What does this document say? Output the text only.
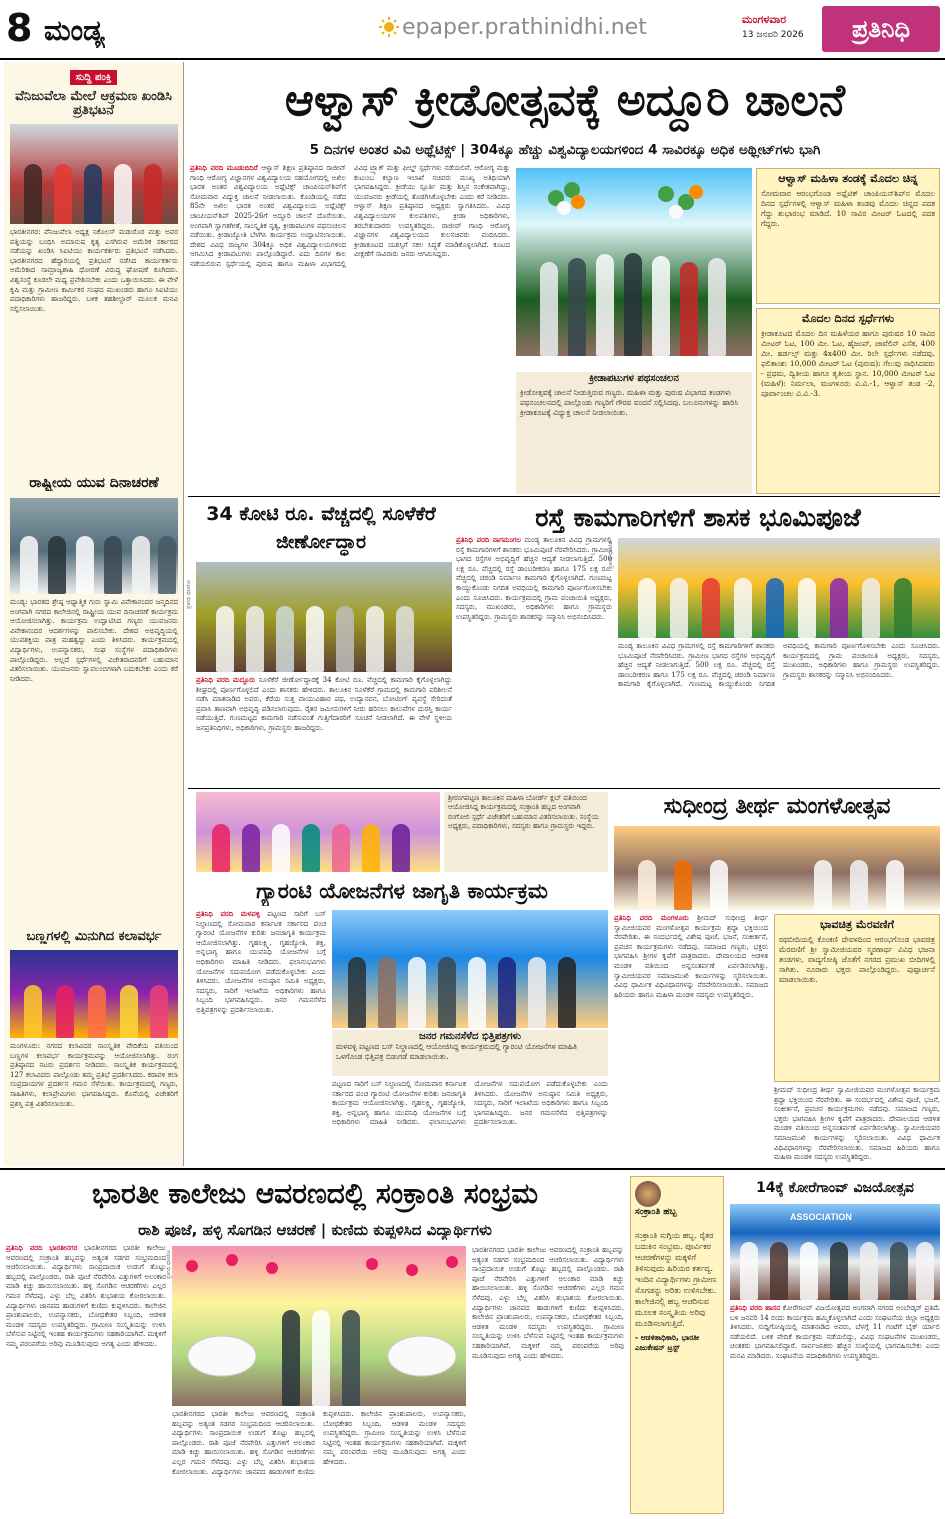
8 ಮಂಡ್ಯ	epaper.prathinidhi.net	ಮಂಗಳವಾರ
13 ಜನವರಿ 2026	ಪ್ರತಿನಿಧಿ
ಸುದ್ದಿ ಪಂಕ್ತಿ
ವೆನಿಜುವೆಲಾ ಮೇಲೆ ಆಕ್ರಮಣ ಖಂಡಿಸಿ ಪ್ರತಿಭಟನೆ
ಭಾರತೀನಗರ: ವೆನಿಜುವೆಲಾ ಅಧ್ಯಕ್ಷ ನಿಕೊಲಸ್ ಮಡುರೊರ ಮತ್ತು ಅವರ ಪತ್ನಿಯನ್ನು ಬಂಧಿಸಿ ಅಮಾನುಷ ಕೃತ್ಯ ಎಸಗಿರುವ ಅಮೆರಿಕ ಸರ್ಕಾರದ ನಡೆಯನ್ನು ಖಂಡಿಸಿ ಸಿಐಟಿಯು ಕಾರ್ಯಕರ್ತರು ಪ್ರತಿಭಟನೆ ನಡೆಸಿದರು. ಭಾರತೀನಗರದ ಹೆದ್ದಾರಿಯಲ್ಲಿ ಪ್ರತಿಭಟನೆ ನಡೆಸಿದ ಕಾರ್ಯಕರ್ತರು ಅಮೆರಿಕಾದ ಸಾಮ್ರಾಜ್ಯಶಾಹಿ ಧೋರಣೆ ವಿರುದ್ಧ ಘೋಷಣೆ ಕೂಗಿದರು. ವಿಶ್ವಸಂಸ್ಥೆ ಕೂಡಲೇ ಮಧ್ಯ ಪ್ರವೇಶಿಸಬೇಕು ಎಂದು ಒತ್ತಾಯಿಸಿದರು. ಈ ವೇಳೆ ಕೃಷಿ ಮತ್ತು ಗ್ರಾಮೀಣ ಕಾರ್ಮಿಕರ ಸಂಘದ ಮುಖಂಡರು ಹಾಗೂ ಸಿಐಟಿಯು ಪದಾಧಿಕಾರಿಗಳು ಹಾಜರಿದ್ದರು. ಬಳಿಕ ತಹಶೀಲ್ದಾರ್ ಮೂಲಕ ಮನವಿ ಸಲ್ಲಿಸಲಾಯಿತು.
ರಾಷ್ಟ್ರೀಯ ಯುವ ದಿನಾಚರಣೆ
ಮಂಡ್ಯ: ಭಾರತದ ಶ್ರೇಷ್ಠ ಆಧ್ಯಾತ್ಮಿಕ ಗುರು ಸ್ವಾಮಿ ವಿವೇಕಾನಂದರ ಜನ್ಮದಿನದ ಅಂಗವಾಗಿ ನಗರದ ಕಾಲೇಜಿನಲ್ಲಿ ರಾಷ್ಟ್ರೀಯ ಯುವ ದಿನಾಚರಣೆ ಕಾರ್ಯಕ್ರಮ ಆಯೋಜಿಸಲಾಗಿತ್ತು. ಕಾರ್ಯಕ್ರಮ ಉದ್ಘಾಟಿಸಿದ ಗಣ್ಯರು ಯುವಜನರು ವಿವೇಕಾನಂದರ ಆದರ್ಶಗಳನ್ನು ಪಾಲಿಸಬೇಕು. ದೇಶದ ಅಭಿವೃದ್ಧಿಯಲ್ಲಿ ಯುವಶಕ್ತಿಯ ಪಾತ್ರ ಮಹತ್ವದ್ದು ಎಂದು ತಿಳಿಸಿದರು. ಕಾರ್ಯಕ್ರಮದಲ್ಲಿ ವಿದ್ಯಾರ್ಥಿಗಳು, ಉಪನ್ಯಾಸಕರು, ಸಂಘ ಸಂಸ್ಥೆಗಳ ಪದಾಧಿಕಾರಿಗಳು ಪಾಲ್ಗೊಂಡಿದ್ದರು. ಅಲ್ಲದೆ ಸ್ಪರ್ಧೆಗಳಲ್ಲಿ ವಿಜೇತರಾದವರಿಗೆ ಬಹುಮಾನ ವಿತರಿಸಲಾಯಿತು. ಯುವಜನರು ಸ್ವಾವಲಂಬಿಗಳಾಗಿ ಬದುಕಬೇಕು ಎಂದು ಕರೆ ನೀಡಿದರು.
ಬಣ್ಣಗಳಲ್ಲಿ ಮಿನುಗಿದ ಕಲಾವರ್ಭ
ಮಂಗಳೂರು: ನಗರದ ಕಲಾವಿದರ ಸಾಂಸ್ಕೃತಿಕ ವೇದಿಕೆಯ ವತಿಯಿಂದ ಬಣ್ಣಗಳ ಕಲಾವರ್ಭ ಕಾರ್ಯಕ್ರಮವನ್ನು ಆಯೋಜಿಸಲಾಗಿತ್ತು. ರಂಗ ಪ್ರತಿಷ್ಠಾನದ ನಟರು ಪ್ರದರ್ಶನ ನೀಡಿದರು. ಸಾಂಸ್ಕೃತಿಕ ಕಾರ್ಯಕ್ರಮದಲ್ಲಿ 127 ಕಲಾವಿದರು ಪಾಲ್ಗೊಂಡು ತಮ್ಮ ಪ್ರತಿಭೆ ಪ್ರದರ್ಶಿಸಿದರು. ಕರಾವಳಿ ಕಲಾ ಸಂಪ್ರದಾಯಗಳ ಪ್ರದರ್ಶನ ಗಮನ ಸೆಳೆಯಿತು. ಕಾರ್ಯಕ್ರಮದಲ್ಲಿ ಗಣ್ಯರು, ಸಾಹಿತಿಗಳು, ಕಲಾಪ್ರೇಮಿಗಳು ಭಾಗವಹಿಸಿದ್ದರು. ಕೊನೆಯಲ್ಲಿ ವಿಜೇತರಿಗೆ ಪ್ರಶಸ್ತಿ ಪತ್ರ ವಿತರಿಸಲಾಯಿತು.
ಆಳ್ವಾಸ್ ಕ್ರೀಡೋತ್ಸವಕ್ಕೆ ಅದ್ದೂರಿ ಚಾಲನೆ
5 ದಿನಗಳ ಅಂತರ ವಿವಿ ಅಥ್ಲೆಟಿಕ್ಸ್ | 304ಕ್ಕೂ ಹೆಚ್ಚು ವಿಶ್ವವಿದ್ಯಾಲಯಗಳಿಂದ 4 ಸಾವಿರಕ್ಕೂ ಅಧಿಕ ಅಥ್ಲೀಟ್‌ಗಳು ಭಾಗಿ
ಪ್ರತಿನಿಧಿ ವರದಿ ಮೂಡುಬಿದಿರೆ ಆಳ್ವಾಸ್ ಶಿಕ್ಷಣ ಪ್ರತಿಷ್ಠಾನದ ರಾಜೀವ್ ಗಾಂಧಿ ಆರೋಗ್ಯ ವಿಜ್ಞಾನಗಳ ವಿಶ್ವವಿದ್ಯಾಲಯ ಸಹಯೋಗದಲ್ಲಿ ಅಖಿಲ ಭಾರತ ಅಂತರ ವಿಶ್ವವಿದ್ಯಾಲಯ ಅಥ್ಲೆಟಿಕ್ಸ್ ಚಾಂಪಿಯನ್‌ಶಿಪ್‌ಗೆ ಸೋಮವಾರ ವಿದ್ಯುಕ್ತ ಚಾಲನೆ ನೀಡಲಾಯಿತು. ಕೊಂಡಿಯಲ್ಲಿ ನಡೆದ 85ನೇ ಅಖಿಲ ಭಾರತ ಅಂತರ ವಿಶ್ವವಿದ್ಯಾಲಯ ಅಥ್ಲೆಟಿಕ್ಸ್ ಚಾಂಪಿಯನ್‌ಶಿಪ್ 2025-26ಗೆ ಅದ್ದೂರಿ ಚಾಲನೆ ದೊರೆಯಿತು. ಅಂಗವಾಗಿ ಸ್ವಾಗತಗೀತೆ, ಸಾಂಸ್ಕೃತಿಕ ನೃತ್ಯ, ಕ್ರೀಡಾಪಟುಗಳ ಪಥಸಂಚಲನ ನಡೆಯಿತು. ಕ್ರೀಡಾಜ್ಯೋತಿ ಬೆಳಗಿಸಿ ಕಾರ್ಯಕ್ರಮ ಉದ್ಘಾಟಿಸಲಾಯಿತು. ದೇಶದ ವಿವಿಧ ರಾಜ್ಯಗಳ 304ಕ್ಕೂ ಅಧಿಕ ವಿಶ್ವವಿದ್ಯಾಲಯಗಳಿಂದ ಆಗಮಿಸಿದ ಕ್ರೀಡಾಪಟುಗಳು ಪಾಲ್ಗೊಂಡಿದ್ದಾರೆ. ಐದು ದಿನಗಳ ಕಾಲ ನಡೆಯಲಿರುವ ಸ್ಪರ್ಧೆಯಲ್ಲಿ ಪುರುಷ ಹಾಗೂ ಮಹಿಳಾ ವಿಭಾಗದಲ್ಲಿ ವಿವಿಧ ಟ್ರ್ಯಾಕ್ ಮತ್ತು ಫೀಲ್ಡ್ ಸ್ಪರ್ಧೆಗಳು ನಡೆಯಲಿವೆ. ಆರೋಗ್ಯ ಮತ್ತು ಕುಟುಂಬ ಕಲ್ಯಾಣ ಇಲಾಖೆ ಸಚಿವರು ಮುಖ್ಯ ಅತಿಥಿಯಾಗಿ ಭಾಗವಹಿಸಿದ್ದರು. ಕ್ರೀಡೆಯು ಸ್ಪೂರ್ತಿ ಮತ್ತು ಶಿಸ್ತಿನ ಸಂಕೇತವಾಗಿದ್ದು, ಯುವಜನರು ಕ್ರೀಡೆಯಲ್ಲಿ ತೊಡಗಿಸಿಕೊಳ್ಳಬೇಕು ಎಂದು ಕರೆ ನೀಡಿದರು. ಆಳ್ವಾಸ್ ಶಿಕ್ಷಣ ಪ್ರತಿಷ್ಠಾನದ ಅಧ್ಯಕ್ಷರು ಸ್ವಾಗತಿಸಿದರು. ವಿವಿಧ ವಿಶ್ವವಿದ್ಯಾಲಯಗಳ ಕುಲಪತಿಗಳು, ಕ್ರೀಡಾ ಅಧಿಕಾರಿಗಳು, ತರಬೇತುದಾರರು ಉಪಸ್ಥಿತರಿದ್ದರು. ರಾಜೀವ್ ಗಾಂಧಿ ಆರೋಗ್ಯ ವಿಜ್ಞಾನಗಳ ವಿಶ್ವವಿದ್ಯಾಲಯದ ಕುಲಸಚಿವರು ವಂದಿಸಿದರು. ಕ್ರೀಡಾಕೂಟದ ಯಶಸ್ಸಿಗೆ ಸಕಲ ಸಿದ್ಧತೆ ಮಾಡಿಕೊಳ್ಳಲಾಗಿದೆ. ಕೂಟದ ವೀಕ್ಷಣೆಗೆ ಸಾವಿರಾರು ಜನರು ಆಗಮಿಸಿದ್ದರು.
ಕ್ರೀಡಾಪಟುಗಳ ಪಥಸಂಚಲನ
ಕ್ರೀಡೋತ್ಸವಕ್ಕೆ ಚಾಲನೆ ನೀಡುತ್ತಿರುವ ಗಣ್ಯರು. ಮಹಿಳಾ ಮತ್ತು ಪುರುಷ ವಿಭಾಗದ ತಂಡಗಳು ಪಥಸಂಚಲನದಲ್ಲಿ ಪಾಲ್ಗೊಂಡು ಗಣ್ಯರಿಗೆ ಗೌರವ ವಂದನೆ ಸಲ್ಲಿಸಿದವು. ಬಲೂನುಗಳನ್ನು ಹಾರಿಸಿ ಕ್ರೀಡಾಕೂಟಕ್ಕೆ ವಿಧ್ಯುಕ್ತ ಚಾಲನೆ ನೀಡಲಾಯಿತು.
ಆಳ್ವಾಸ್ ಮಹಿಳಾ ತಂಡಕ್ಕೆ ಮೊದಲ ಚಿನ್ನ
ಸೋಮವಾರ ಆರಂಭಗೊಂಡ ಅಥ್ಲೆಟಿಕ್ ಚಾಂಪಿಯನ್‌ಶಿಪ್‌ನ ಮೊದಲ ದಿನದ ಸ್ಪರ್ಧೆಗಳಲ್ಲಿ ಆಳ್ವಾಸ್ ಮಹಿಳಾ ತಂಡವು ಮೊದಲ ಚಿನ್ನದ ಪದಕ ಗೆದ್ದು ಶುಭಾರಂಭ ಮಾಡಿದೆ. 10 ಸಾವಿರ ಮೀಟರ್ ಓಟದಲ್ಲಿ ಪದಕ ಗೆದ್ದರು.
ಮೊದಲ ದಿನದ ಸ್ಪರ್ಧೆಗಳು
ಕ್ರೀಡಾಕೂಟದ ಮೊದಲ ದಿನ ಮಹಿಳೆಯರ ಹಾಗೂ ಪುರುಷರ 10 ಸಾವಿರ ಮೀಟರ್ ಓಟ, 100 ಮೀ. ಓಟ, ಹೈಜಂಪ್, ಜಾವೆಲಿನ್ ಎಸೆತ, 400 ಮೀ. ಹರ್ಡಲ್ಸ್ ಮತ್ತು 4x400 ಮೀ. ರಿಲೇ ಸ್ಪರ್ಧೆಗಳು ನಡೆದವು. ಫಲಿತಾಂಶ: 10,000 ಮೀಟರ್ ಓಟ (ಪುರುಷ): ಗೆಲುವು ಸಾಧಿಸಿದವರು - ಪ್ರಥಮ, ದ್ವಿತೀಯ ಹಾಗೂ ತೃತೀಯ ಸ್ಥಾನ. 10,000 ಮೀಟರ್ ಓಟ (ಮಹಿಳೆ): ನಿರ್ಮಲಾ, ಮಂಗಳೂರು ವಿ.ವಿ.-1, ಆಳ್ವಾಸ್ ತಂಡ -2, ಪೂರ್ವಾಂಚಲ ವಿ.ವಿ.-3.
34 ಕೋಟಿ ರೂ. ವೆಚ್ಚದಲ್ಲಿ ಸೂಳೆಕೆರೆ ಜೀರ್ಣೋದ್ಧಾರ
ಪ್ರತಿನಿಧಿ ವರದಿ ಮದ್ದೂರು ಸೂಳೆಕೆರೆ ಜೀರ್ಣೋದ್ಧಾರಕ್ಕೆ 34 ಕೋಟಿ ರೂ. ವೆಚ್ಚದಲ್ಲಿ ಕಾಮಗಾರಿ ಕೈಗೊಳ್ಳಲಾಗಿದ್ದು ಶೀಘ್ರದಲ್ಲಿ ಪೂರ್ಣಗೊಳ್ಳಲಿದೆ ಎಂದು ಶಾಸಕರು ಹೇಳಿದರು. ತಾಲೂಕಿನ ಸೂಳೆಕೆರೆ ಗ್ರಾಮದಲ್ಲಿ ಕಾಮಗಾರಿ ಪರಿಶೀಲನೆ ನಡೆಸಿ ಮಾತನಾಡಿದ ಅವರು, ಕೆರೆಯ ಸುತ್ತ ವಾಯುವಿಹಾರ ಪಥ, ಉದ್ಯಾನವನ, ಬೋಟಿಂಗ್ ವ್ಯವಸ್ಥೆ ಸೇರಿದಂತೆ ಪ್ರವಾಸಿ ತಾಣವಾಗಿ ಅಭಿವೃದ್ಧಿ ಪಡಿಸಲಾಗುವುದು. ರೈತರ ಜಮೀನುಗಳಿಗೆ ನೀರು ಹರಿಸಲು ಕಾಲುವೆಗಳ ದುರಸ್ತಿ ಕಾರ್ಯ ನಡೆಯುತ್ತಿದೆ. ಗುಣಮಟ್ಟದ ಕಾಮಗಾರಿ ನಡೆಸುವಂತೆ ಗುತ್ತಿಗೆದಾರರಿಗೆ ಸೂಚನೆ ನೀಡಲಾಗಿದೆ. ಈ ವೇಳೆ ಸ್ಥಳೀಯ ಜನಪ್ರತಿನಿಧಿಗಳು, ಅಧಿಕಾರಿಗಳು, ಗ್ರಾಮಸ್ಥರು ಹಾಜರಿದ್ದರು.
ರಸ್ತೆ ಕಾಮಗಾರಿಗಳಿಗೆ ಶಾಸಕ ಭೂಮಿಪೂಜೆ
ಪ್ರತಿನಿಧಿ ವರದಿ ನಾಗಮಂಗಲ ಮಂಡ್ಯ ತಾಲೂಕಿನ ವಿವಿಧ ಗ್ರಾಮಗಳಲ್ಲಿ ರಸ್ತೆ ಕಾಮಗಾರಿಗಳಿಗೆ ಶಾಸಕರು ಭೂಮಿಪೂಜೆ ನೆರವೇರಿಸಿದರು. ಗ್ರಾಮೀಣ ಭಾಗದ ರಸ್ತೆಗಳ ಅಭಿವೃದ್ಧಿಗೆ ಹೆಚ್ಚಿನ ಆದ್ಯತೆ ನೀಡಲಾಗುತ್ತಿದೆ. 500 ಲಕ್ಷ ರೂ. ವೆಚ್ಚದಲ್ಲಿ ರಸ್ತೆ ಡಾಂಬರೀಕರಣ ಹಾಗೂ 175 ಲಕ್ಷ ರೂ. ವೆಚ್ಚದಲ್ಲಿ ಚರಂಡಿ ನಿರ್ಮಾಣ ಕಾಮಗಾರಿ ಕೈಗೊಳ್ಳಲಾಗಿದೆ. ಗುಣಮಟ್ಟ ಕಾಯ್ದುಕೊಂಡು ನಿಗದಿತ ಅವಧಿಯಲ್ಲಿ ಕಾಮಗಾರಿ ಪೂರ್ಣಗೊಳಿಸಬೇಕು ಎಂದು ಸೂಚಿಸಿದರು. ಕಾರ್ಯಕ್ರಮದಲ್ಲಿ ಗ್ರಾಮ ಪಂಚಾಯಿತಿ ಅಧ್ಯಕ್ಷರು, ಸದಸ್ಯರು, ಮುಖಂಡರು, ಅಧಿಕಾರಿಗಳು ಹಾಗೂ ಗ್ರಾಮಸ್ಥರು ಉಪಸ್ಥಿತರಿದ್ದರು. ಗ್ರಾಮಸ್ಥರು ಶಾಸಕರನ್ನು ಸನ್ಮಾನಿಸಿ ಅಭಿನಂದಿಸಿದರು.
ಮಂಡ್ಯ ತಾಲೂಕಿನ ವಿವಿಧ ಗ್ರಾಮಗಳಲ್ಲಿ ರಸ್ತೆ ಕಾಮಗಾರಿಗಳಿಗೆ ಶಾಸಕರು ಭೂಮಿಪೂಜೆ ನೆರವೇರಿಸಿದರು. ಗ್ರಾಮೀಣ ಭಾಗದ ರಸ್ತೆಗಳ ಅಭಿವೃದ್ಧಿಗೆ ಹೆಚ್ಚಿನ ಆದ್ಯತೆ ನೀಡಲಾಗುತ್ತಿದೆ. 500 ಲಕ್ಷ ರೂ. ವೆಚ್ಚದಲ್ಲಿ ರಸ್ತೆ ಡಾಂಬರೀಕರಣ ಹಾಗೂ 175 ಲಕ್ಷ ರೂ. ವೆಚ್ಚದಲ್ಲಿ ಚರಂಡಿ ನಿರ್ಮಾಣ ಕಾಮಗಾರಿ ಕೈಗೊಳ್ಳಲಾಗಿದೆ. ಗುಣಮಟ್ಟ ಕಾಯ್ದುಕೊಂಡು ನಿಗದಿತ ಅವಧಿಯಲ್ಲಿ ಕಾಮಗಾರಿ ಪೂರ್ಣಗೊಳಿಸಬೇಕು ಎಂದು ಸೂಚಿಸಿದರು. ಕಾರ್ಯಕ್ರಮದಲ್ಲಿ ಗ್ರಾಮ ಪಂಚಾಯಿತಿ ಅಧ್ಯಕ್ಷರು, ಸದಸ್ಯರು, ಮುಖಂಡರು, ಅಧಿಕಾರಿಗಳು ಹಾಗೂ ಗ್ರಾಮಸ್ಥರು ಉಪಸ್ಥಿತರಿದ್ದರು. ಗ್ರಾಮಸ್ಥರು ಶಾಸಕರನ್ನು ಸನ್ಮಾನಿಸಿ ಅಭಿನಂದಿಸಿದರು.
ಶ್ರೀರಂಗಪಟ್ಟಣ ತಾಲೂಕಿನ ಮಹಿಳಾ ಬೋರ್ಡ್ ಕ್ಲಬ್ ವತಿಯಿಂದ ಆಯೋಜಿಸಿದ್ದ ಕಾರ್ಯಕ್ರಮದಲ್ಲಿ ಸಂಕ್ರಾಂತಿ ಹಬ್ಬದ ಅಂಗವಾಗಿ ರಂಗೋಲಿ ಸ್ಪರ್ಧೆ ವಿಜೇತರಿಗೆ ಬಹುಮಾನ ವಿತರಿಸಲಾಯಿತು. ಸಂಸ್ಥೆಯ ಅಧ್ಯಕ್ಷರು, ಪದಾಧಿಕಾರಿಗಳು, ಸದಸ್ಯರು ಹಾಗೂ ಗ್ರಾಮಸ್ಥರು ಇದ್ದರು.
ಸುಧೀಂದ್ರ ತೀರ್ಥ ಮಂಗಳೋತ್ಸವ
ಪ್ರತಿನಿಧಿ ವರದಿ ಮಂಗಳೂರು ಶ್ರೀಮದ್ ಸುಧೀಂದ್ರ ತೀರ್ಥ ಸ್ವಾಮೀಜಿಯವರ ಮಂಗಳೋತ್ಸವ ಕಾರ್ಯಕ್ರಮ ಶ್ರದ್ಧಾ ಭಕ್ತಿಯಿಂದ ನೆರವೇರಿತು. ಈ ಸಂದರ್ಭದಲ್ಲಿ ವಿಶೇಷ ಪೂಜೆ, ಭಜನೆ, ಸಂಕೀರ್ತನೆ, ಪ್ರವಚನ ಕಾರ್ಯಕ್ರಮಗಳು ನಡೆದವು. ಸಮಾಜದ ಗಣ್ಯರು, ಭಕ್ತರು ಭಾಗವಹಿಸಿ ಶ್ರೀಗಳ ಕೃಪೆಗೆ ಪಾತ್ರರಾದರು. ದೇವಾಲಯದ ಆಡಳಿತ ಮಂಡಳಿ ವತಿಯಿಂದ ಅನ್ನಸಂತರ್ಪಣೆ ಏರ್ಪಡಿಸಲಾಗಿತ್ತು. ಸ್ವಾಮೀಜಿಯವರ ಸಮಾಜಮುಖಿ ಕಾರ್ಯಗಳನ್ನು ಸ್ಮರಿಸಲಾಯಿತು. ವಿವಿಧ ಧಾರ್ಮಿಕ ವಿಧಿವಿಧಾನಗಳನ್ನು ನೆರವೇರಿಸಲಾಯಿತು. ಸಮಾಜದ ಹಿರಿಯರು ಹಾಗೂ ಮಹಿಳಾ ಮಂಡಳಿ ಸದಸ್ಯರು ಉಪಸ್ಥಿತರಿದ್ದರು.
ಭಾವಚಿತ್ರ ಮೆರವಣಿಗೆ
ರಥಬೀದಿಯಲ್ಲಿ ಕೊಂಕಣಿ ದೇವಳದಿಂದ ಆರಂಭಗೊಂಡ ಭಾವಚಿತ್ರ ಮೆರವಣಿಗೆ ಶ್ರೀ ಸ್ವಾಮೀಜಿಯವರ ಸ್ಮರಣಾರ್ಥ ವಿವಿಧ ಭಜನಾ ತಂಡಗಳು, ವಾದ್ಯಗೋಷ್ಠಿ ಜೊತೆಗೆ ನಗರದ ಪ್ರಮುಖ ಬೀದಿಗಳಲ್ಲಿ ಸಾಗಿತು. ನೂರಾರು ಭಕ್ತರು ಪಾಲ್ಗೊಂಡಿದ್ದರು. ಪುಷ್ಪಾರ್ಚನೆ ಮಾಡಲಾಯಿತು.
ಶ್ರೀಮದ್ ಸುಧೀಂದ್ರ ತೀರ್ಥ ಸ್ವಾಮೀಜಿಯವರ ಮಂಗಳೋತ್ಸವ ಕಾರ್ಯಕ್ರಮ ಶ್ರದ್ಧಾ ಭಕ್ತಿಯಿಂದ ನೆರವೇರಿತು. ಈ ಸಂದರ್ಭದಲ್ಲಿ ವಿಶೇಷ ಪೂಜೆ, ಭಜನೆ, ಸಂಕೀರ್ತನೆ, ಪ್ರವಚನ ಕಾರ್ಯಕ್ರಮಗಳು ನಡೆದವು. ಸಮಾಜದ ಗಣ್ಯರು, ಭಕ್ತರು ಭಾಗವಹಿಸಿ ಶ್ರೀಗಳ ಕೃಪೆಗೆ ಪಾತ್ರರಾದರು. ದೇವಾಲಯದ ಆಡಳಿತ ಮಂಡಳಿ ವತಿಯಿಂದ ಅನ್ನಸಂತರ್ಪಣೆ ಏರ್ಪಡಿಸಲಾಗಿತ್ತು. ಸ್ವಾಮೀಜಿಯವರ ಸಮಾಜಮುಖಿ ಕಾರ್ಯಗಳನ್ನು ಸ್ಮರಿಸಲಾಯಿತು. ವಿವಿಧ ಧಾರ್ಮಿಕ ವಿಧಿವಿಧಾನಗಳನ್ನು ನೆರವೇರಿಸಲಾಯಿತು. ಸಮಾಜದ ಹಿರಿಯರು ಹಾಗೂ ಮಹಿಳಾ ಮಂಡಳಿ ಸದಸ್ಯರು ಉಪಸ್ಥಿತರಿದ್ದರು.
ಗ್ಯಾರಂಟಿ ಯೋಜನೆಗಳ ಜಾಗೃತಿ ಕಾರ್ಯಕ್ರಮ
ಪ್ರತಿನಿಧಿ ವರದಿ ಮಳವಳ್ಳಿ ಪಟ್ಟಣದ ಸಾರಿಗೆ ಬಸ್ ನಿಲ್ದಾಣದಲ್ಲಿ ಸೋಮವಾರ ಕರ್ನಾಟಕ ಸರ್ಕಾರದ ಪಂಚ ಗ್ಯಾರಂಟಿ ಯೋಜನೆಗಳ ಕುರಿತು ಜನಜಾಗೃತಿ ಕಾರ್ಯಕ್ರಮ ಆಯೋಜಿಸಲಾಗಿತ್ತು. ಗೃಹಲಕ್ಷ್ಮಿ, ಗೃಹಜ್ಯೋತಿ, ಶಕ್ತಿ, ಅನ್ನಭಾಗ್ಯ ಹಾಗೂ ಯುವನಿಧಿ ಯೋಜನೆಗಳ ಬಗ್ಗೆ ಅಧಿಕಾರಿಗಳು ಮಾಹಿತಿ ನೀಡಿದರು. ಫಲಾನುಭವಿಗಳು ಯೋಜನೆಗಳ ಸದುಪಯೋಗ ಪಡೆದುಕೊಳ್ಳಬೇಕು ಎಂದು ತಿಳಿಸಿದರು. ಯೋಜನೆಗಳ ಅನುಷ್ಠಾನ ಸಮಿತಿ ಅಧ್ಯಕ್ಷರು, ಸದಸ್ಯರು, ಸಾರಿಗೆ ಇಲಾಖೆಯ ಅಧಿಕಾರಿಗಳು ಹಾಗೂ ಸಿಬ್ಬಂದಿ ಭಾಗವಹಿಸಿದ್ದರು. ಜನರ ಗಮನಸೆಳೆದ ಭಿತ್ತಿಪತ್ರಗಳನ್ನು ಪ್ರದರ್ಶಿಸಲಾಯಿತು.
ಜನರ ಗಮನಸೆಳೆದ ಭಿತ್ತಿಪತ್ರಗಳು
ಮಳವಳ್ಳಿ ಪಟ್ಟಣದ ಬಸ್ ನಿಲ್ದಾಣದಲ್ಲಿ ಆಯೋಜಿಸಿದ್ದ ಕಾರ್ಯಕ್ರಮದಲ್ಲಿ ಗ್ಯಾರಂಟಿ ಯೋಜನೆಗಳ ಮಾಹಿತಿ ಒಳಗೊಂಡ ಭಿತ್ತಿಪತ್ರ ಬಿಡುಗಡೆ ಮಾಡಲಾಯಿತು.
ಪಟ್ಟಣದ ಸಾರಿಗೆ ಬಸ್ ನಿಲ್ದಾಣದಲ್ಲಿ ಸೋಮವಾರ ಕರ್ನಾಟಕ ಸರ್ಕಾರದ ಪಂಚ ಗ್ಯಾರಂಟಿ ಯೋಜನೆಗಳ ಕುರಿತು ಜನಜಾಗೃತಿ ಕಾರ್ಯಕ್ರಮ ಆಯೋಜಿಸಲಾಗಿತ್ತು. ಗೃಹಲಕ್ಷ್ಮಿ, ಗೃಹಜ್ಯೋತಿ, ಶಕ್ತಿ, ಅನ್ನಭಾಗ್ಯ ಹಾಗೂ ಯುವನಿಧಿ ಯೋಜನೆಗಳ ಬಗ್ಗೆ ಅಧಿಕಾರಿಗಳು ಮಾಹಿತಿ ನೀಡಿದರು. ಫಲಾನುಭವಿಗಳು ಯೋಜನೆಗಳ ಸದುಪಯೋಗ ಪಡೆದುಕೊಳ್ಳಬೇಕು ಎಂದು ತಿಳಿಸಿದರು. ಯೋಜನೆಗಳ ಅನುಷ್ಠಾನ ಸಮಿತಿ ಅಧ್ಯಕ್ಷರು, ಸದಸ್ಯರು, ಸಾರಿಗೆ ಇಲಾಖೆಯ ಅಧಿಕಾರಿಗಳು ಹಾಗೂ ಸಿಬ್ಬಂದಿ ಭಾಗವಹಿಸಿದ್ದರು. ಜನರ ಗಮನಸೆಳೆದ ಭಿತ್ತಿಪತ್ರಗಳನ್ನು ಪ್ರದರ್ಶಿಸಲಾಯಿತು.
ಭಾರತೀ ಕಾಲೇಜು ಆವರಣದಲ್ಲಿ ಸಂಕ್ರಾಂತಿ ಸಂಭ್ರಮ
ರಾಶಿ ಪೂಜೆ, ಹಳ್ಳಿ ಸೊಗಡಿನ ಆಚರಣೆ | ಕುಣಿದು ಕುಪ್ಪಳಿಸಿದ ವಿದ್ಯಾರ್ಥಿಗಳು
ಪ್ರತಿನಿಧಿ ವರದಿ ಭಾರತೀನಗರ ಭಾರತೀನಗರದ ಭಾರತೀ ಕಾಲೇಜು ಆವರಣದಲ್ಲಿ ಸಂಕ್ರಾಂತಿ ಹಬ್ಬವನ್ನು ಅತ್ಯಂತ ಸಡಗರ ಸಂಭ್ರಮದಿಂದ ಆಚರಿಸಲಾಯಿತು. ವಿದ್ಯಾರ್ಥಿಗಳು ಸಾಂಪ್ರದಾಯಿಕ ಉಡುಗೆ ತೊಟ್ಟು ಹಬ್ಬದಲ್ಲಿ ಪಾಲ್ಗೊಂಡರು. ರಾಶಿ ಪೂಜೆ ನೆರವೇರಿಸಿ ಎತ್ತುಗಳಿಗೆ ಅಲಂಕಾರ ಮಾಡಿ ಕಿಚ್ಚು ಹಾಯಿಸಲಾಯಿತು. ಹಳ್ಳಿ ಸೊಗಡಿನ ಆಚರಣೆಗಳು ಎಲ್ಲರ ಗಮನ ಸೆಳೆದವು. ಎಳ್ಳು ಬೆಲ್ಲ ವಿತರಿಸಿ ಶುಭಾಶಯ ಕೋರಲಾಯಿತು. ವಿದ್ಯಾರ್ಥಿಗಳು ಜಾನಪದ ಹಾಡುಗಳಿಗೆ ಕುಣಿದು ಕುಪ್ಪಳಿಸಿದರು. ಕಾಲೇಜಿನ ಪ್ರಾಂಶುಪಾಲರು, ಉಪನ್ಯಾಸಕರು, ಬೋಧಕೇತರ ಸಿಬ್ಬಂದಿ, ಆಡಳಿತ ಮಂಡಳಿ ಸದಸ್ಯರು ಉಪಸ್ಥಿತರಿದ್ದರು. ಗ್ರಾಮೀಣ ಸಂಸ್ಕೃತಿಯನ್ನು ಉಳಿಸಿ ಬೆಳೆಸುವ ನಿಟ್ಟಿನಲ್ಲಿ ಇಂತಹ ಕಾರ್ಯಕ್ರಮಗಳು ಸಹಕಾರಿಯಾಗಿವೆ. ಮಕ್ಕಳಿಗೆ ನಮ್ಮ ಪರಂಪರೆಯ ಅರಿವು ಮೂಡಿಸುವುದು ಅಗತ್ಯ ಎಂದು ಹೇಳಿದರು.
ಭಾರತೀನಗರದ ಭಾರತೀ ಕಾಲೇಜು ಆವರಣದಲ್ಲಿ ಸಂಕ್ರಾಂತಿ ಹಬ್ಬವನ್ನು ಅತ್ಯಂತ ಸಡಗರ ಸಂಭ್ರಮದಿಂದ ಆಚರಿಸಲಾಯಿತು. ವಿದ್ಯಾರ್ಥಿಗಳು ಸಾಂಪ್ರದಾಯಿಕ ಉಡುಗೆ ತೊಟ್ಟು ಹಬ್ಬದಲ್ಲಿ ಪಾಲ್ಗೊಂಡರು. ರಾಶಿ ಪೂಜೆ ನೆರವೇರಿಸಿ ಎತ್ತುಗಳಿಗೆ ಅಲಂಕಾರ ಮಾಡಿ ಕಿಚ್ಚು ಹಾಯಿಸಲಾಯಿತು. ಹಳ್ಳಿ ಸೊಗಡಿನ ಆಚರಣೆಗಳು ಎಲ್ಲರ ಗಮನ ಸೆಳೆದವು. ಎಳ್ಳು ಬೆಲ್ಲ ವಿತರಿಸಿ ಶುಭಾಶಯ ಕೋರಲಾಯಿತು. ವಿದ್ಯಾರ್ಥಿಗಳು ಜಾನಪದ ಹಾಡುಗಳಿಗೆ ಕುಣಿದು ಕುಪ್ಪಳಿಸಿದರು. ಕಾಲೇಜಿನ ಪ್ರಾಂಶುಪಾಲರು, ಉಪನ್ಯಾಸಕರು, ಬೋಧಕೇತರ ಸಿಬ್ಬಂದಿ, ಆಡಳಿತ ಮಂಡಳಿ ಸದಸ್ಯರು ಉಪಸ್ಥಿತರಿದ್ದರು. ಗ್ರಾಮೀಣ ಸಂಸ್ಕೃತಿಯನ್ನು ಉಳಿಸಿ ಬೆಳೆಸುವ ನಿಟ್ಟಿನಲ್ಲಿ ಇಂತಹ ಕಾರ್ಯಕ್ರಮಗಳು ಸಹಕಾರಿಯಾಗಿವೆ. ಮಕ್ಕಳಿಗೆ ನಮ್ಮ ಪರಂಪರೆಯ ಅರಿವು ಮೂಡಿಸುವುದು ಅಗತ್ಯ ಎಂದು ಹೇಳಿದರು.
ಭಾರತೀನಗರದ ಭಾರತೀ ಕಾಲೇಜು ಆವರಣದಲ್ಲಿ ಸಂಕ್ರಾಂತಿ ಹಬ್ಬವನ್ನು ಅತ್ಯಂತ ಸಡಗರ ಸಂಭ್ರಮದಿಂದ ಆಚರಿಸಲಾಯಿತು. ವಿದ್ಯಾರ್ಥಿಗಳು ಸಾಂಪ್ರದಾಯಿಕ ಉಡುಗೆ ತೊಟ್ಟು ಹಬ್ಬದಲ್ಲಿ ಪಾಲ್ಗೊಂಡರು. ರಾಶಿ ಪೂಜೆ ನೆರವೇರಿಸಿ ಎತ್ತುಗಳಿಗೆ ಅಲಂಕಾರ ಮಾಡಿ ಕಿಚ್ಚು ಹಾಯಿಸಲಾಯಿತು. ಹಳ್ಳಿ ಸೊಗಡಿನ ಆಚರಣೆಗಳು ಎಲ್ಲರ ಗಮನ ಸೆಳೆದವು. ಎಳ್ಳು ಬೆಲ್ಲ ವಿತರಿಸಿ ಶುಭಾಶಯ ಕೋರಲಾಯಿತು. ವಿದ್ಯಾರ್ಥಿಗಳು ಜಾನಪದ ಹಾಡುಗಳಿಗೆ ಕುಣಿದು ಕುಪ್ಪಳಿಸಿದರು. ಕಾಲೇಜಿನ ಪ್ರಾಂಶುಪಾಲರು, ಉಪನ್ಯಾಸಕರು, ಬೋಧಕೇತರ ಸಿಬ್ಬಂದಿ, ಆಡಳಿತ ಮಂಡಳಿ ಸದಸ್ಯರು ಉಪಸ್ಥಿತರಿದ್ದರು. ಗ್ರಾಮೀಣ ಸಂಸ್ಕೃತಿಯನ್ನು ಉಳಿಸಿ ಬೆಳೆಸುವ ನಿಟ್ಟಿನಲ್ಲಿ ಇಂತಹ ಕಾರ್ಯಕ್ರಮಗಳು ಸಹಕಾರಿಯಾಗಿವೆ. ಮಕ್ಕಳಿಗೆ ನಮ್ಮ ಪರಂಪರೆಯ ಅರಿವು ಮೂಡಿಸುವುದು ಅಗತ್ಯ ಎಂದು ಹೇಳಿದರು.
ಸಂಕ್ರಾಂತಿ ಹಬ್ಬ
ಸಂಕ್ರಾಂತಿ ಸುಗ್ಗಿಯ ಹಬ್ಬ. ರೈತರ ಬದುಕಿನ ಸಂಭ್ರಮ. ಪೂರ್ವಿಕರ ಆಚರಣೆಗಳನ್ನು ಮಕ್ಕಳಿಗೆ ತಿಳಿಸುವುದು ಹಿರಿಯರ ಕರ್ತವ್ಯ. ಇಂದಿನ ವಿದ್ಯಾರ್ಥಿಗಳು ಗ್ರಾಮೀಣ ಸೊಗಡನ್ನು ಅರಿತು ಉಳಿಸಬೇಕು. ಕಾಲೇಜಿನಲ್ಲಿ ಹಬ್ಬ ಆಚರಿಸುವ ಮೂಲಕ ಸಂಸ್ಕೃತಿಯ ಅರಿವು ಮೂಡಿಸಲಾಗುತ್ತಿದೆ.
- ಆಡಳಿತಾಧಿಕಾರಿ, ಭಾರತೀ ಎಜುಕೇಷನ್ ಟ್ರಸ್ಟ್
14ಕ್ಕೆ ಕೋರೆಗಾಂವ್ ವಿಜಯೋತ್ಸವ
ASSOCIATION
ಪ್ರತಿನಿಧಿ ವರದಿ ಹಾಸನ ಕೋರೆಗಾಂವ್ ವಿಜಯೋತ್ಸವದ ಅಂಗವಾಗಿ ನಗರದ ಅಂಬೇಡ್ಕರ್ ಪ್ರತಿಮೆ ಬಳಿ ಜನವರಿ 14 ರಂದು ಕಾರ್ಯಕ್ರಮ ಹಮ್ಮಿಕೊಳ್ಳಲಾಗಿದೆ ಎಂದು ಸಂಘಟನೆಯ ಜಿಲ್ಲಾ ಅಧ್ಯಕ್ಷರು ತಿಳಿಸಿದರು. ಸುದ್ದಿಗೋಷ್ಠಿಯಲ್ಲಿ ಮಾತನಾಡಿದ ಅವರು, ಬೆಳಗ್ಗೆ 11 ಗಂಟೆಗೆ ಬೈಕ್ ರ್ಯಾಲಿ ನಡೆಯಲಿದೆ. ಬಳಿಕ ವೇದಿಕೆ ಕಾರ್ಯಕ್ರಮ ನಡೆಯಲಿದ್ದು, ವಿವಿಧ ಸಂಘಟನೆಗಳ ಮುಖಂಡರು, ಚಿಂತಕರು ಭಾಗವಹಿಸಲಿದ್ದಾರೆ. ಸಾರ್ವಜನಿಕರು ಹೆಚ್ಚಿನ ಸಂಖ್ಯೆಯಲ್ಲಿ ಭಾಗವಹಿಸಬೇಕು ಎಂದು ಮನವಿ ಮಾಡಿದರು. ಸಂಘಟನೆಯ ಪದಾಧಿಕಾರಿಗಳು ಉಪಸ್ಥಿತರಿದ್ದರು.
ಪ್ರತಿನಿಧಿ ಫೋಟೋ
ಪ್ರತಿನಿಧಿ ಫೋಟೋ
ಪ್ರತಿನಿಧಿ ಫೋಟೋ
